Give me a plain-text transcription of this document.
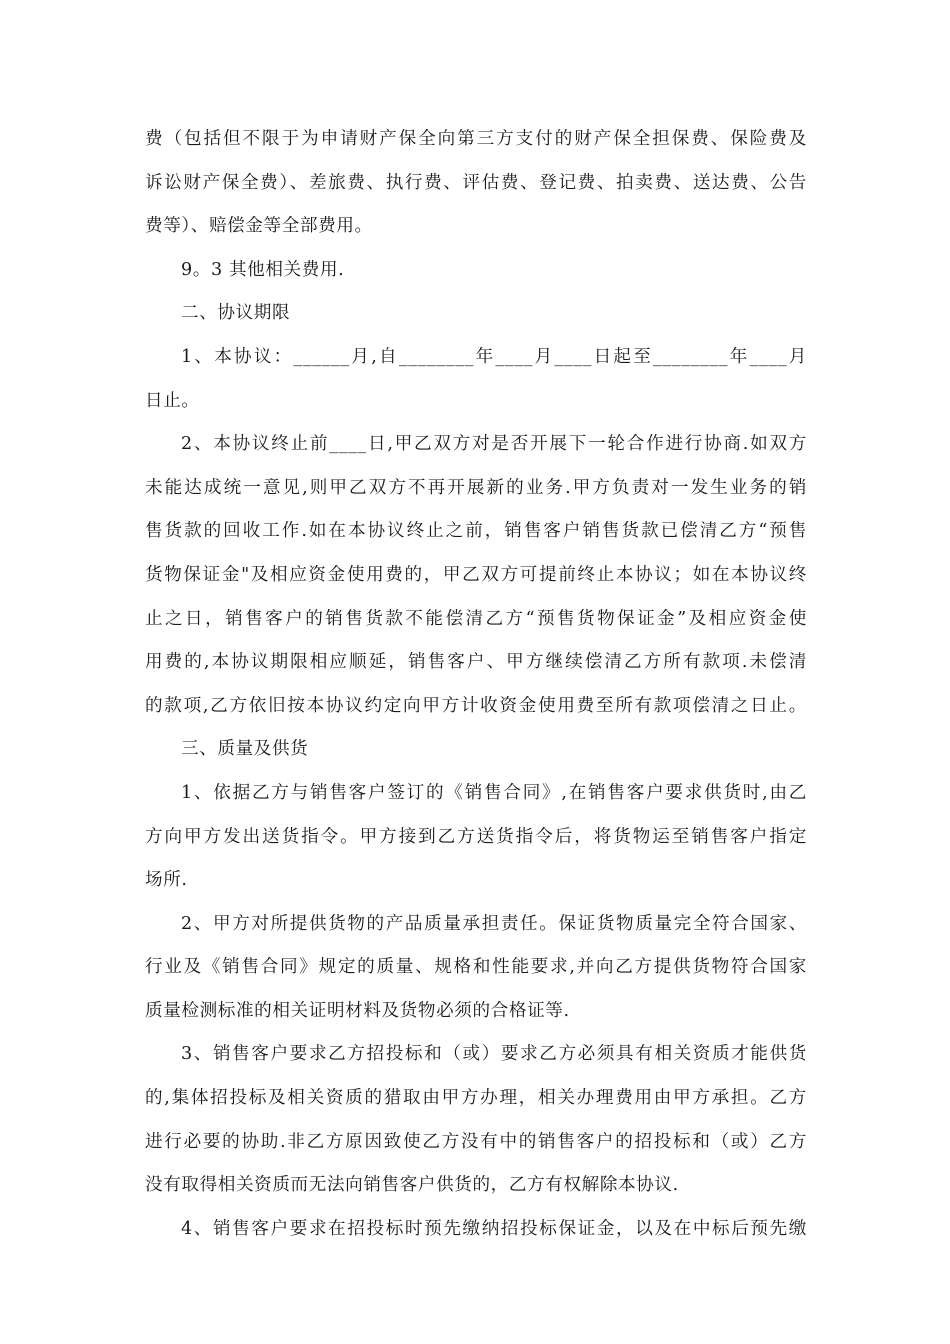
费（包括但不限于为申请财产保全向第三方支付的财产保全担保费、保险费及
诉讼财产保全费）、差旅费、执行费、评估费、登记费、拍卖费、送达费、公告
费等）、赔偿金等全部费用。
9。3 其他相关费用.
二、协议期限
1、本协议：______月,自________年____月____日起至________年____月
日止。
2、本协议终止前____日,甲乙双方对是否开展下一轮合作进行协商.如双方
未能达成统一意见,则甲乙双方不再开展新的业务.甲方负责对一发生业务的销
售货款的回收工作.如在本协议终止之前，销售客户销售货款已偿清乙方“预售
货物保证金"及相应资金使用费的，甲乙双方可提前终止本协议；如在本协议终
止之日，销售客户的销售货款不能偿清乙方“预售货物保证金”及相应资金使
用费的,本协议期限相应顺延，销售客户、甲方继续偿清乙方所有款项.未偿清
的款项,乙方依旧按本协议约定向甲方计收资金使用费至所有款项偿清之日止。
三、质量及供货
1、依据乙方与销售客户签订的《销售合同》,在销售客户要求供货时,由乙
方向甲方发出送货指令。甲方接到乙方送货指令后，将货物运至销售客户指定
场所.
2、甲方对所提供货物的产品质量承担责任。保证货物质量完全符合国家、
行业及《销售合同》规定的质量、规格和性能要求,并向乙方提供货物符合国家
质量检测标准的相关证明材料及货物必须的合格证等.
3、销售客户要求乙方招投标和（或）要求乙方必须具有相关资质才能供货
的,集体招投标及相关资质的猎取由甲方办理，相关办理费用由甲方承担。乙方
进行必要的协助.非乙方原因致使乙方没有中的销售客户的招投标和（或）乙方
没有取得相关资质而无法向销售客户供货的，乙方有权解除本协议.
4、销售客户要求在招投标时预先缴纳招投标保证金，以及在中标后预先缴
